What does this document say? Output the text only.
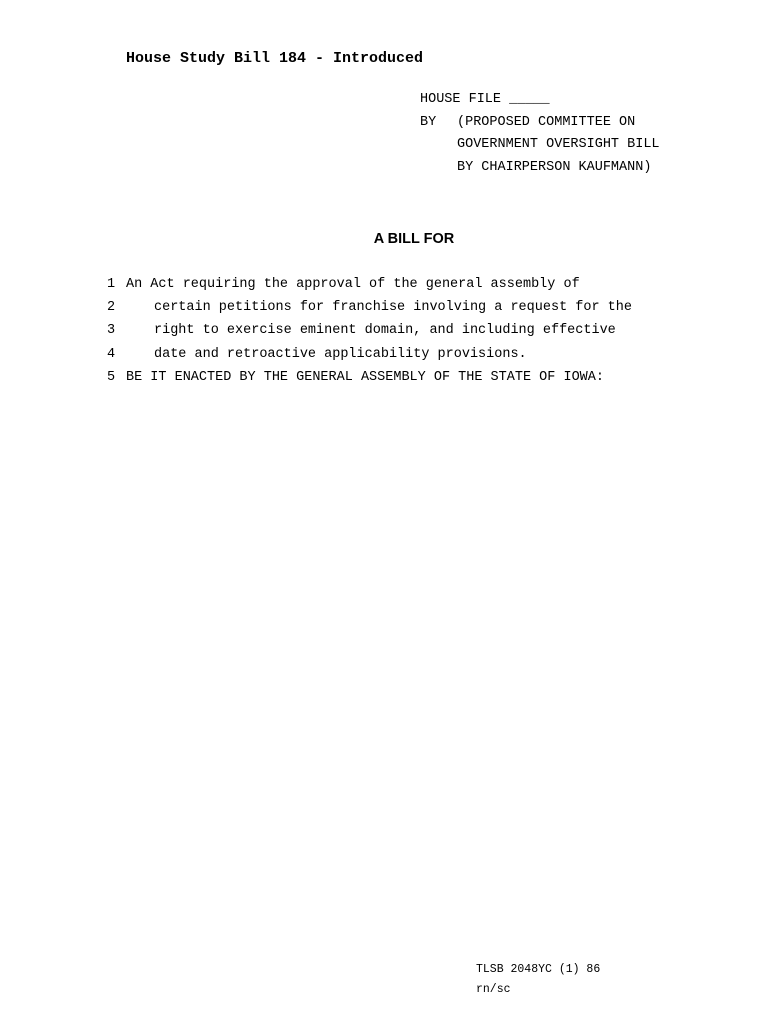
House Study Bill 184 - Introduced
HOUSE FILE _____
BY	(PROPOSED COMMITTEE ON
GOVERNMENT OVERSIGHT BILL
BY CHAIRPERSON KAUFMANN)
A BILL FOR
1 An Act requiring the approval of the general assembly of
2	certain petitions for franchise involving a request for the
3	right to exercise eminent domain, and including effective
4	date and retroactive applicability provisions.
5 BE IT ENACTED BY THE GENERAL ASSEMBLY OF THE STATE OF IOWA:
TLSB 2048YC (1) 86
rn/sc
